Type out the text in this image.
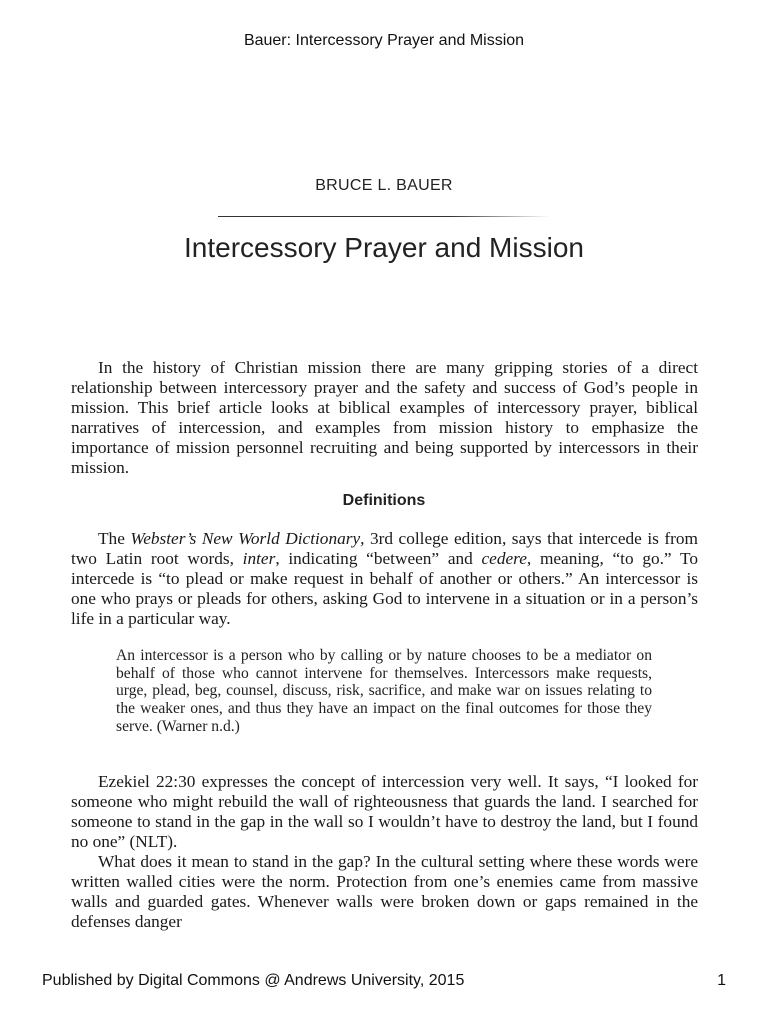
Bauer: Intercessory Prayer and Mission
BRUCE L. BAUER
Intercessory Prayer and Mission

In the history of Christian mission there are many gripping stories of a direct relationship between intercessory prayer and the safety and success of God’s people in mission. This brief article looks at biblical examples of intercessory prayer, biblical narratives of intercession, and examples from mission history to emphasize the importance of mission personnel recruiting and being supported by intercessors in their mission.

Definitions

The Webster’s New World Dictionary, 3rd college edition, says that intercede is from two Latin root words, inter, indicating “between” and cedere, meaning, “to go.” To intercede is “to plead or make request in behalf of another or others.” An intercessor is one who prays or pleads for others, asking God to intervene in a situation or in a person’s life in a particular way.

An intercessor is a person who by calling or by nature chooses to be a mediator on behalf of those who cannot intervene for themselves. Intercessors make requests, urge, plead, beg, counsel, discuss, risk, sacrifice, and make war on issues relating to the weaker ones, and thus they have an impact on the final outcomes for those they serve. (Warner n.d.)

Ezekiel 22:30 expresses the concept of intercession very well. It says, “I looked for someone who might rebuild the wall of righteousness that guards the land. I searched for someone to stand in the gap in the wall so I wouldn’t have to destroy the land, but I found no one” (NLT).

What does it mean to stand in the gap? In the cultural setting where these words were written walled cities were the norm. Protection from one’s enemies came from massive walls and guarded gates. Whenever walls were broken down or gaps remained in the defenses danger

Published by Digital Commons @ Andrews University, 2015	1
